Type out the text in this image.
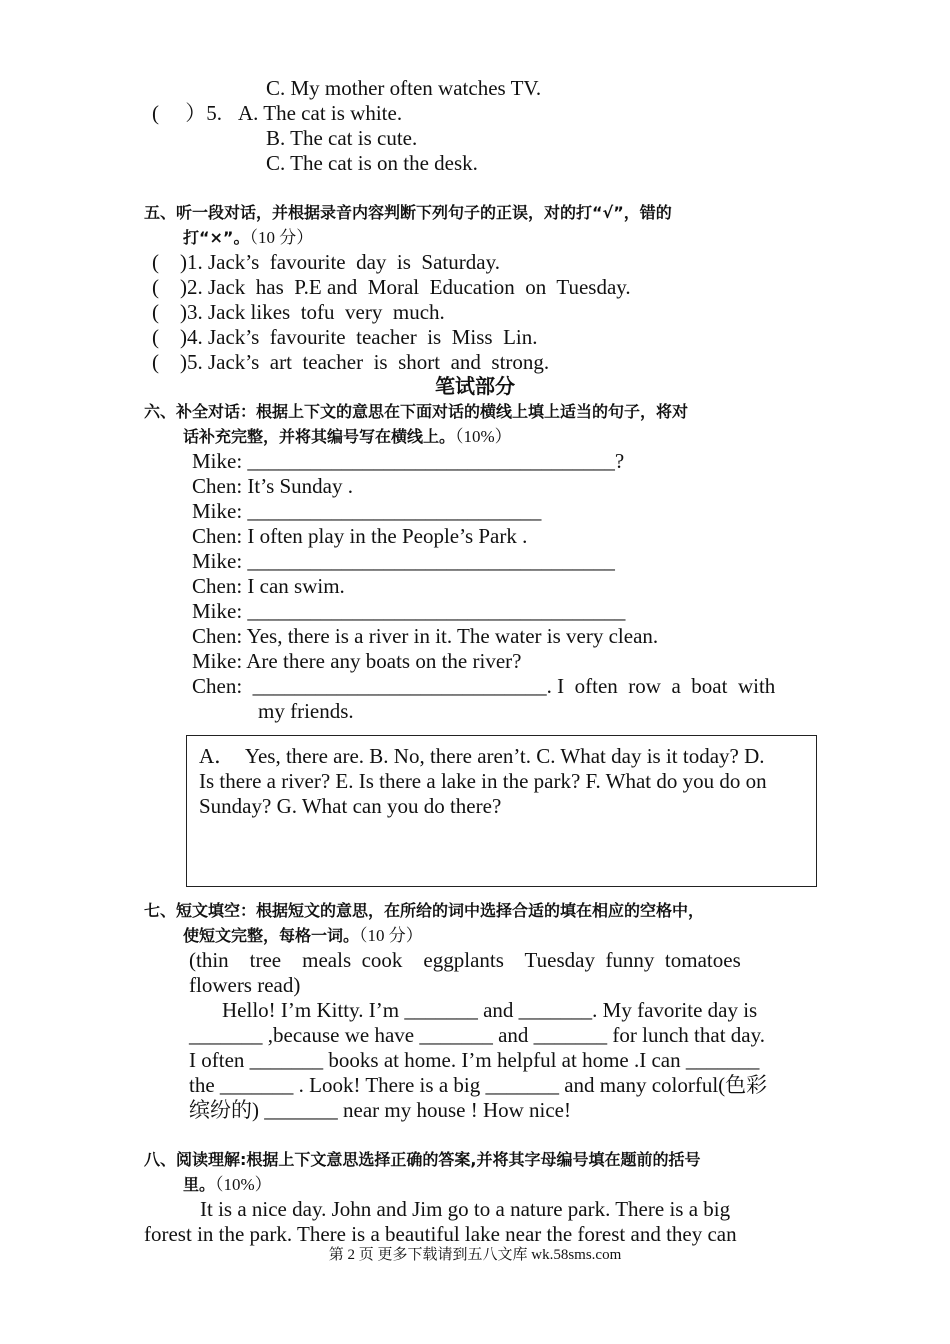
C. My mother often watches TV.
(　 ）5. A. The cat is white.
B. The cat is cute.
C. The cat is on the desk.
五、听一段对话，并根据录音内容判断下列句子的正误，对的打“√”，错的
打“×”。（10 分）
(    )1. Jack’s  favourite  day  is  Saturday.
(    )2. Jack  has  P.E and  Moral  Education  on  Tuesday.
(    )3. Jack likes  tofu  very  much.
(    )4. Jack’s  favourite  teacher  is  Miss  Lin.
(    )5. Jack’s  art  teacher  is  short  and  strong.
笔试部分
六、补全对话：根据上下文的意思在下面对话的横线上填上适当的句子，将对
话补充完整，并将其编号写在横线上。（10%）
Mike: ___________________________________?
Chen: It’s Sunday .
Mike: ____________________________
Chen: I often play in the People’s Park .
Mike: ___________________________________
Chen: I can swim.
Mike: ____________________________________
Chen: Yes, there is a river in it. The water is very clean.
Mike: Are there any boats on the river?
Chen:  ____________________________. I  often  row  a  boat  with
my friends.
A．  Yes, there are. B. No, there aren’t. C. What day is it today? D.
Is there a river? E. Is there a lake in the park? F. What do you do on
Sunday? G. What can you do there?
七、短文填空：根据短文的意思，在所给的词中选择合适的填在相应的空格中，
使短文完整，每格一词。（10 分）
(thin    tree    meals  cook    eggplants    Tuesday  funny  tomatoes
flowers read)
Hello! I’m Kitty. I’m _______ and _______. My favorite day is
_______ ,because we have _______ and _______ for lunch that day.
I often _______ books at home. I’m helpful at home .I can _______
the _______ . Look! There is a big _______ and many colorful(色彩
缤纷的) _______ near my house ! How nice!
八、阅读理解:根据上下文意思选择正确的答案,并将其字母编号填在题前的括号
里。（10%）
It is a nice day. John and Jim go to a nature park. There is a big
forest in the park. There is a beautiful lake near the forest and they can
第 2 页 更多下载请到五八文库 wk.58sms.com
